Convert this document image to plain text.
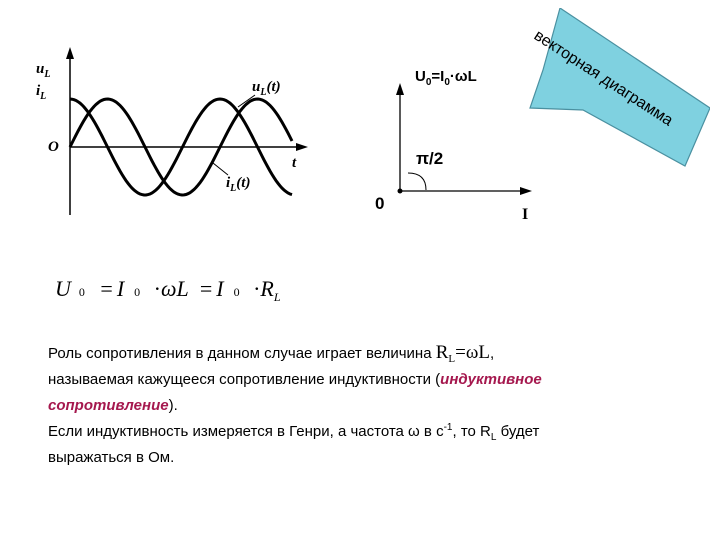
$u_L$
$i_L$
O
t
$u_L(t)$
$i_L(t)$
векторная диаграмма
$U_0=I_0\cdot\omega L$
π/2
0
I
U 0 = I 0 ·ωL = I $0 \cdot R_L$
Роль сопротивления в данном случае играет величина $R_L=\omega L$,
называемая кажущееся сопротивление индуктивности (индуктивное
сопротивление).
Если индуктивность измеряется в Генри, а частота ω в $с^{-1}$, то $R_L$ будет
выражаться в Ом.
